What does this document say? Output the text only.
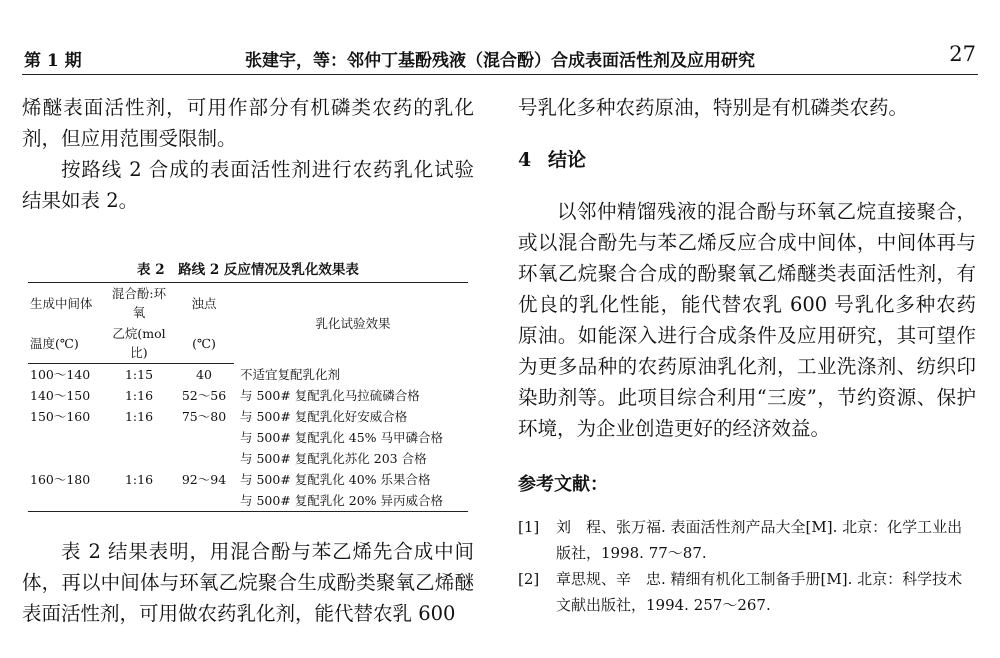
第 1 期	张建宇，等：邻仲丁基酚残液（混合酚）合成表面活性剂及应用研究	27

烯醚表面活性剂，可用作部分有机磷类农药的乳化剂，但应用范围受限制。

按路线 2 合成的表面活性剂进行农药乳化试验结果如表 2。

表 2　路线 2 反应情况及乳化效果表
生成中间体	混合酚:环氧	浊点	乳化试验效果
温度(℃)	乙烷(mol 比)	(℃)	
100～140	1:15	40	不适宜复配乳化剂
140～150	1:16	52～56	与 500# 复配乳化马拉硫磷合格
150～160	1:16	75～80	与 500# 复配乳化好安威合格
			与 500# 复配乳化 45% 马甲磷合格
			与 500# 复配乳化苏化 203 合格
160～180	1:16	92～94	与 500# 复配乳化 40% 乐果合格
			与 500# 复配乳化 20% 异丙威合格

表 2 结果表明，用混合酚与苯乙烯先合成中间体，再以中间体与环氧乙烷聚合生成酚类聚氧乙烯醚表面活性剂，可用做农药乳化剂，能代替农乳 600

号乳化多种农药原油，特别是有机磷类农药。

4 结论

以邻仲精馏残液的混合酚与环氧乙烷直接聚合，或以混合酚先与苯乙烯反应合成中间体，中间体再与环氧乙烷聚合合成的酚聚氧乙烯醚类表面活性剂，有优良的乳化性能，能代替农乳 600 号乳化多种农药原油。如能深入进行合成条件及应用研究，其可望作为更多品种的农药原油乳化剂，工业洗涤剂、纺织印染助剂等。此项目综合利用“三废”，节约资源、保护环境，为企业创造更好的经济效益。

参考文献：
[1]	刘　程、张万福. 表面活性剂产品大全[M]. 北京：化学工业出版社，1998. 77～87.
[2]	章思规、辛　忠. 精细有机化工制备手册[M]. 北京：科学技术文献出版社，1994. 257～267.
